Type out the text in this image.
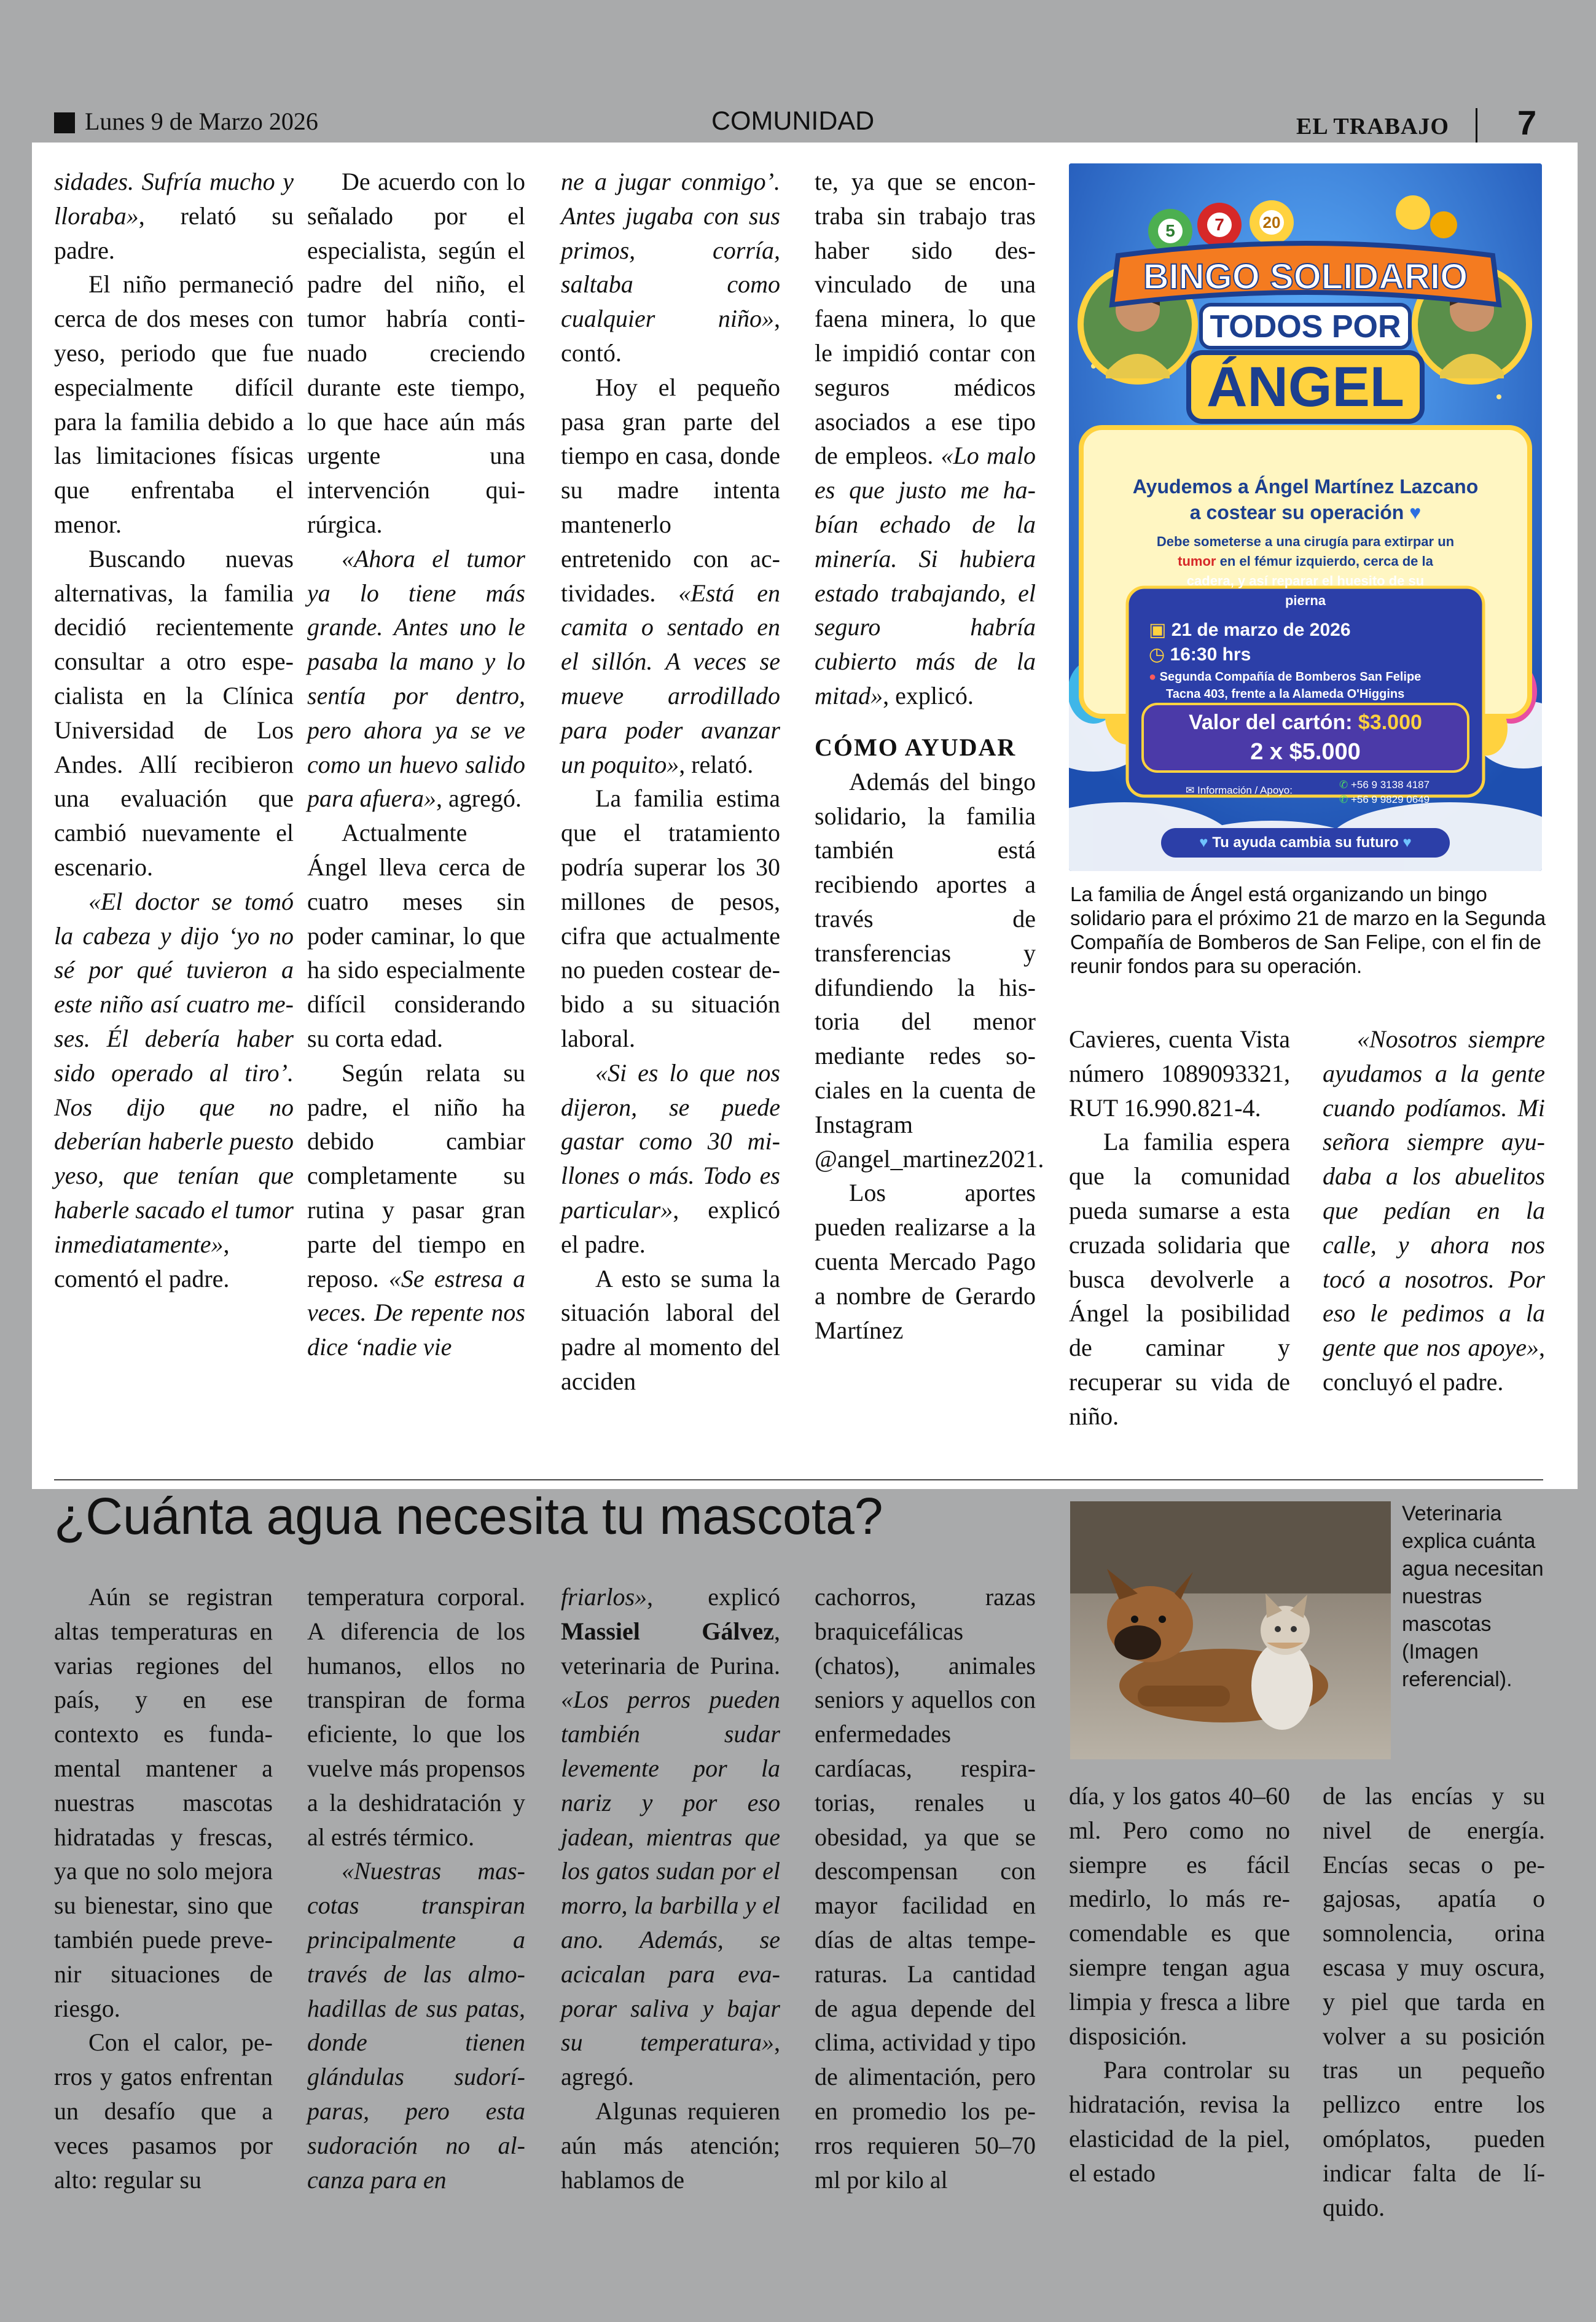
Lunes 9 de Marzo 2026	COMUNIDAD	EL TRABAJO 7

sidades. Sufría mucho y lloraba», relató su padre.

El niño permaneció cerca de dos meses con yeso, periodo que fue especialmente difícil para la familia debido a las limitaciones físicas que enfrentaba el menor.

Buscando nuevas alternativas, la familia decidió recientemente consultar a otro especialista en la Clínica Universidad de Los Andes. Allí recibieron una evaluación que cambió nuevamente el escenario.

«El doctor se tomó la cabeza y dijo ‘yo no sé por qué tuvieron a este niño así cuatro meses. Él debería haber sido operado al tiro’. Nos dijo que no deberían haberle puesto yeso, que tenían que haberle sacado el tumor inmediatamente», comentó el padre.

De acuerdo con lo señalado por el especialista, según el padre del niño, el tumor habría continuado creciendo durante este tiempo, lo que hace aún más urgente una intervención quirúrgica.

«Ahora el tumor ya lo tiene más grande. Antes uno le pasaba la mano y lo sentía por dentro, pero ahora ya se ve como un huevo salido para afuera», agregó.

Actualmente Ángel lleva cerca de cuatro meses sin poder caminar, lo que ha sido especialmente difícil considerando su corta edad.

Según relata su padre, el niño ha debido cambiar completamente su rutina y pasar gran parte del tiempo en reposo. «Se estresa a veces. De repente nos dice ‘nadie vie

ne a jugar conmigo’. Antes jugaba con sus primos, corría, saltaba como cualquier niño», contó.

Hoy el pequeño pasa gran parte del tiempo en casa, donde su madre intenta mantenerlo entretenido con actividades. «Está en camita o sentado en el sillón. A veces se mueve arrodillado para poder avanzar un poquito», relató.

La familia estima que el tratamiento podría superar los 30 millones de pesos, cifra que actualmente no pueden costear debido a su situación laboral.

«Si es lo que nos dijeron, se puede gastar como 30 millones o más. Todo es particular», explicó el padre.

A esto se suma la situación laboral del padre al momento del acciden

te, ya que se encontraba sin trabajo tras haber sido desvinculado de una faena minera, lo que le impidió contar con seguros médicos asociados a ese tipo de empleos. «Lo malo es que justo me habían echado de la minería. Si hubiera estado trabajando, el seguro habría cubierto más de la mitad», explicó.

CÓMO AYUDAR

Además del bingo solidario, la familia también está recibiendo aportes a través de transferencias y difundiendo la historia del menor mediante redes sociales en la cuenta de Instagram @angel_martinez2021.

Los aportes pueden realizarse a la cuenta Mercado Pago a nombre de Gerardo Martínez

Cavieres, cuenta Vista número 1089093321, RUT 16.990.821-4.

La familia espera que la comunidad pueda sumarse a esta cruzada solidaria que busca devolverle a Ángel la posibilidad de caminar y recuperar su vida de niño.

«Nosotros siempre ayudamos a la gente cuando podíamos. Mi señora siempre ayudaba a los abuelitos que pedían en la calle, y ahora nos tocó a nosotros. Por eso le pedimos a la gente que nos apoye», concluyó el padre.

5	7	20
BINGO SOLIDARIO
TODOS POR
ÁNGEL
Ayudemos a Ángel Martínez Lazcano
a costear su operación ♥
Debe someterse a una cirugía para extirpar un
tumor en el fémur izquierdo, cerca de la
cadera, y así reparar el huesito de su
pierna
▣ 21 de marzo de 2026
◷ 16:30 hrs
● Segunda Compañía de Bomberos San Felipe
Tacna 403, frente a la Alameda O'Higgins
Valor del cartón: $3.000
2 x $5.000
✉ Información / Apoyo:	✆ +56 9 3138 4187
✆ +56 9 9829 0649
♥ Tu ayuda cambia su futuro ♥
La familia de Ángel está organizando un bingo solidario para el próximo 21 de marzo en la Segunda Compañía de Bomberos de San Felipe, con el fin de reunir fondos para su operación.
¿Cuánta agua necesita tu mascota?	Veterinaria explica cuánta agua necesitan nuestras mascotas (Imagen referencial).

Aún se registran altas temperaturas en varias regiones del país, y en ese contexto es fundamental mantener a nuestras mascotas hidratadas y frescas, ya que no solo mejora su bienestar, sino que también puede prevenir situaciones de riesgo.

Con el calor, perros y gatos enfrentan un desafío que a veces pasamos por alto: regular su

temperatura corporal. A diferencia de los humanos, ellos no transpiran de forma eficiente, lo que los vuelve más propensos a la deshidratación y al estrés térmico.

«Nuestras mascotas transpiran principalmente a través de las almohadillas de sus patas, donde tienen glándulas sudoríparas, pero esta sudoración no alcanza para en

friarlos», explicó Massiel Gálvez, veterinaria de Purina. «Los perros pueden también sudar levemente por la nariz y por eso jadean, mientras que los gatos sudan por el morro, la barbilla y el ano. Además, se acicalan para evaporar saliva y bajar su temperatura», agregó.

Algunas requieren aún más atención; hablamos de

cachorros, razas braquicefálicas (chatos), animales seniors y aquellos con enfermedades cardíacas, respiratorias, renales u obesidad, ya que se descompensan con mayor facilidad en días de altas temperaturas. La cantidad de agua depende del clima, actividad y tipo de alimentación, pero en promedio los perros requieren 50–70 ml por kilo al

día, y los gatos 40–60 ml. Pero como no siempre es fácil medirlo, lo más recomendable es que siempre tengan agua limpia y fresca a libre disposición.

Para controlar su hidratación, revisa la elasticidad de la piel, el estado

de las encías y su nivel de energía. Encías secas o pegajosas, apatía o somnolencia, orina escasa y muy oscura, y piel que tarda en volver a su posición tras un pequeño pellizco entre los omóplatos, pueden indicar falta de líquido.
